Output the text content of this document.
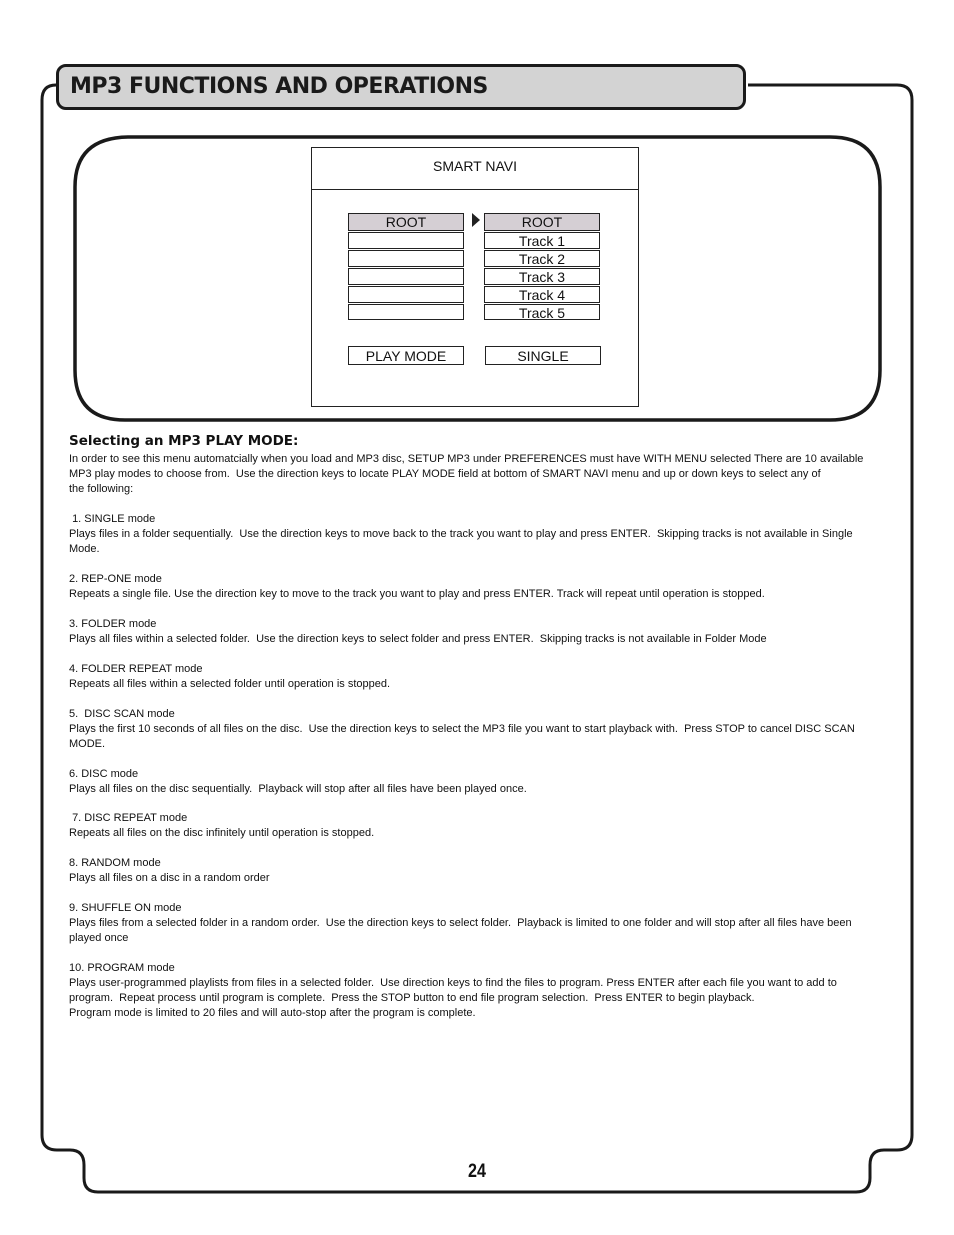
MP3 FUNCTIONS AND OPERATIONS
SMART NAVI
ROOT	ROOT
Track 1
Track 2
Track 3
Track 4
Track 5
PLAY MODE	SINGLE
Selecting an MP3 PLAY MODE:
In order to see this menu automatcially when you load and MP3 disc, SETUP MP3 under PREFERENCES must have WITH MENU selected There are 10 available
MP3 play modes to choose from.  Use the direction keys to locate PLAY MODE field at bottom of SMART NAVI menu and up or down keys to select any of
the following:
1. SINGLE mode
Plays files in a folder sequentially.  Use the direction keys to move back to the track you want to play and press ENTER.  Skipping tracks is not available in Single
Mode.
2. REP-ONE mode
Repeats a single file. Use the direction key to move to the track you want to play and press ENTER. Track will repeat until operation is stopped.
3. FOLDER mode
Plays all files within a selected folder.  Use the direction keys to select folder and press ENTER.  Skipping tracks is not available in Folder Mode
4. FOLDER REPEAT mode
Repeats all files within a selected folder until operation is stopped.
5.  DISC SCAN mode
Plays the first 10 seconds of all files on the disc.  Use the direction keys to select the MP3 file you want to start playback with.  Press STOP to cancel DISC SCAN
MODE.
6. DISC mode
Plays all files on the disc sequentially.  Playback will stop after all files have been played once.
7. DISC REPEAT mode
Repeats all files on the disc infinitely until operation is stopped.
8. RANDOM mode
Plays all files on a disc in a random order
9. SHUFFLE ON mode
Plays files from a selected folder in a random order.  Use the direction keys to select folder.  Playback is limited to one folder and will stop after all files have been
played once
10. PROGRAM mode
Plays user-programmed playlists from files in a selected folder.  Use direction keys to find the files to program. Press ENTER after each file you want to add to
program.  Repeat process until program is complete.  Press the STOP button to end file program selection.  Press ENTER to begin playback.
Program mode is limited to 20 files and will auto-stop after the program is complete.
24
